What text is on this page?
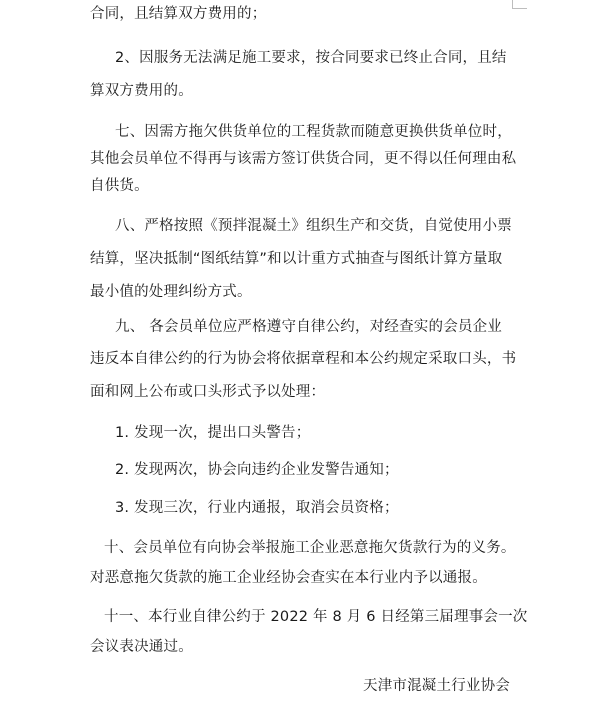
合同，且结算双方费用的；
2、因服务无法满足施工要求，按合同要求已终止合同，且结
算双方费用的。
七、因需方拖欠供货单位的工程货款而随意更换供货单位时，
其他会员单位不得再与该需方签订供货合同，更不得以任何理由私
自供货。
八、严格按照《预拌混凝土》组织生产和交货，自觉使用小票
结算，坚决抵制“图纸结算”和以计重方式抽查与图纸计算方量取
最小值的处理纠纷方式。
九、 各会员单位应严格遵守自律公约，对经查实的会员企业
违反本自律公约的行为协会将依据章程和本公约规定采取口头，书
面和网上公布或口头形式予以处理：
1. 发现一次，提出口头警告；
2. 发现两次，协会向违约企业发警告通知；
3. 发现三次，行业内通报，取消会员资格；
十、会员单位有向协会举报施工企业恶意拖欠货款行为的义务。
对恶意拖欠货款的施工企业经协会查实在本行业内予以通报。
十一、本行业自律公约于 2022 年 8 月 6 日经第三届理事会一次
会议表决通过。
天津市混凝土行业协会
